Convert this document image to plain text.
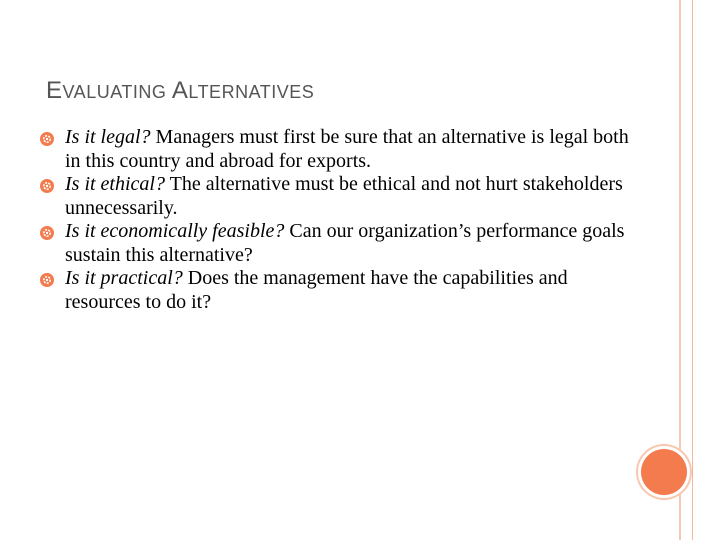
EVALUATING ALTERNATIVES
Is it legal? Managers must first be sure that an alternative is legal both in this country and abroad for exports.
Is it ethical? The alternative must be ethical and not hurt stakeholders unnecessarily.
Is it economically feasible? Can our organization’s performance goals sustain this alternative?
Is it practical? Does the management have the capabilities and resources to do it?
